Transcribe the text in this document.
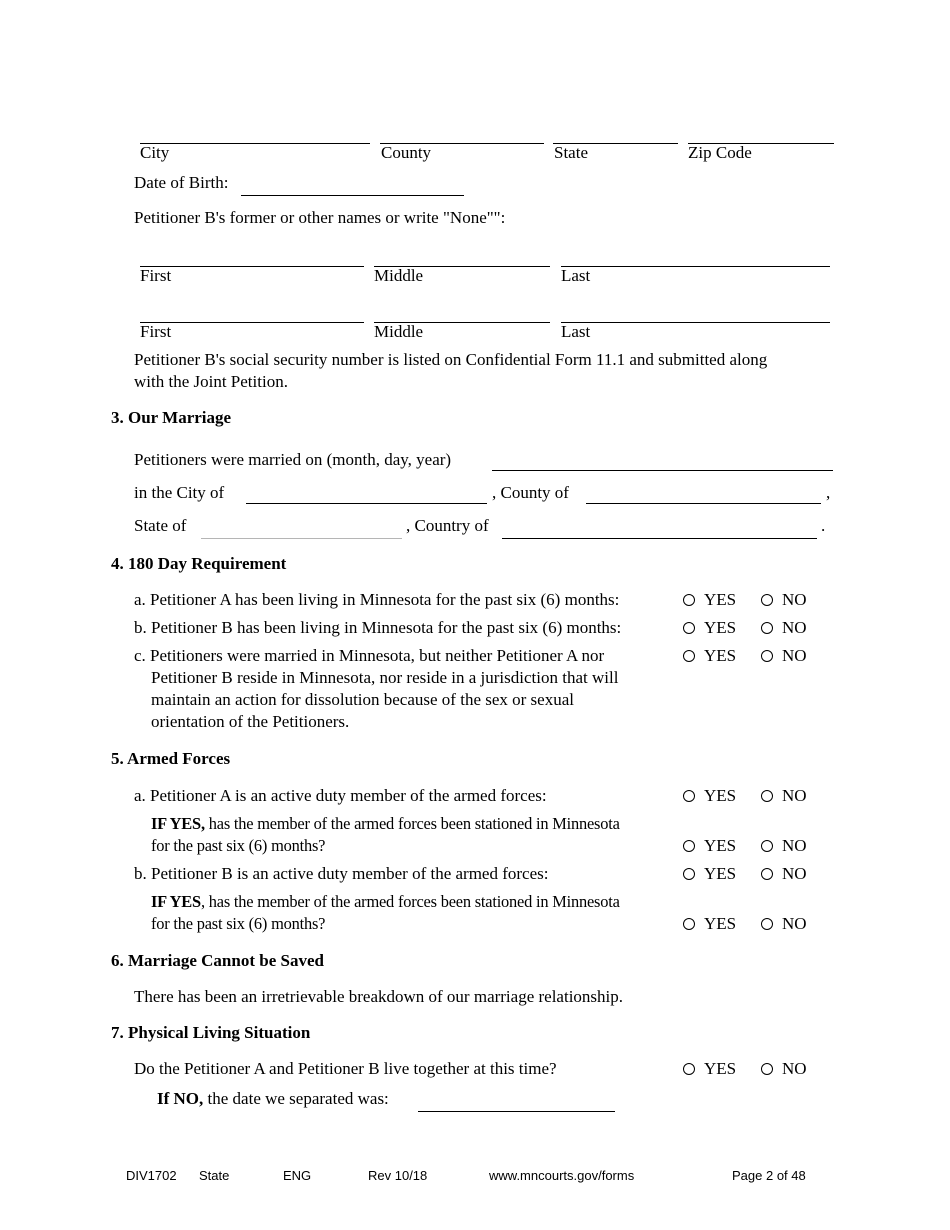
City	County	State	Zip Code
Date of Birth:
Petitioner B's former or other names or write "None"":
First	Middle	Last
First	Middle	Last
Petitioner B's social security number is listed on Confidential Form 11.1 and submitted along
with the Joint Petition.
3. Our Marriage
Petitioners were married on (month, day, year)
in the City of	, County of	,
State of	, Country of	.
4. 180 Day Requirement
a. Petitioner A has been living in Minnesota for the past six (6) months:	YES	NO
b. Petitioner B has been living in Minnesota for the past six (6) months:	YES	NO
c. Petitioners were married in Minnesota, but neither Petitioner A nor
Petitioner B reside in Minnesota, nor reside in a jurisdiction that will
maintain an action for dissolution because of the sex or sexual
orientation of the Petitioners.
YES	NO
5. Armed Forces
a. Petitioner A is an active duty member of the armed forces:	YES	NO
IF YES, has the member of the armed forces been stationed in Minnesota
for the past six (6) months?	YES	NO
b. Petitioner B is an active duty member of the armed forces:	YES	NO
IF YES, has the member of the armed forces been stationed in Minnesota
for the past six (6) months?	YES	NO
6. Marriage Cannot be Saved
There has been an irretrievable breakdown of our marriage relationship.
7. Physical Living Situation
Do the Petitioner A and Petitioner B live together at this time?	YES	NO
If NO, the date we separated was:
DIV1702 State	ENG	Rev 10/18	www.mncourts.gov/forms	Page 2 of 48
